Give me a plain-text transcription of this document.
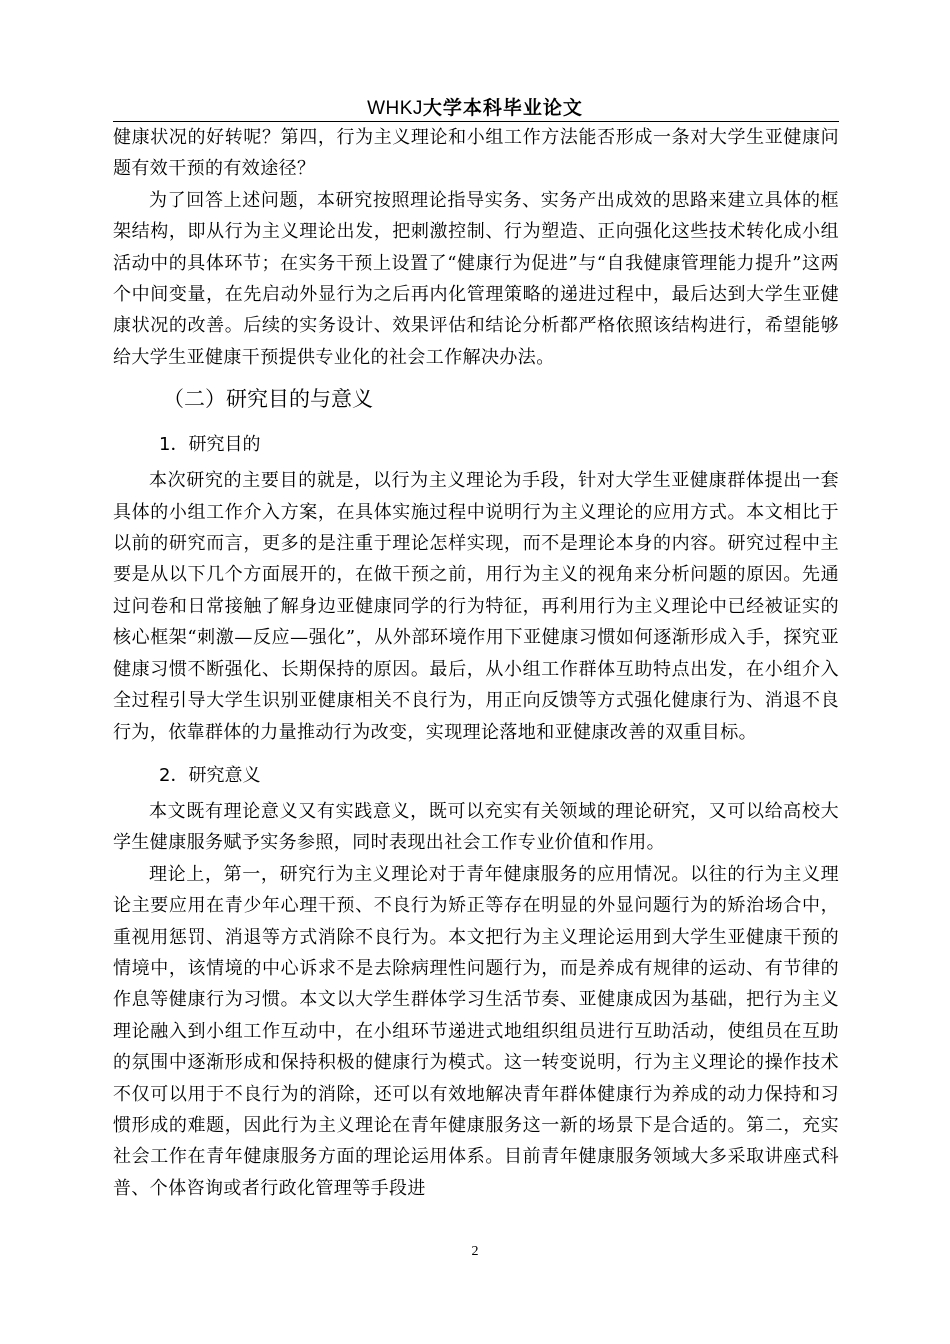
WHKJ大学本科毕业论文

健康状况的好转呢？第四，行为主义理论和小组工作方法能否形成一条对大学生亚健康问题有效干预的有效途径？

为了回答上述问题，本研究按照理论指导实务、实务产出成效的思路来建立具体的框架结构，即从行为主义理论出发，把刺激控制、行为塑造、正向强化这些技术转化成小组活动中的具体环节；在实务干预上设置了“健康行为促进”与“自我健康管理能力提升”这两个中间变量，在先启动外显行为之后再内化管理策略的递进过程中，最后达到大学生亚健康状况的改善。后续的实务设计、效果评估和结论分析都严格依照该结构进行，希望能够给大学生亚健康干预提供专业化的社会工作解决办法。

（二）研究目的与意义
1．研究目的

本次研究的主要目的就是，以行为主义理论为手段，针对大学生亚健康群体提出一套具体的小组工作介入方案，在具体实施过程中说明行为主义理论的应用方式。本文相比于以前的研究而言，更多的是注重于理论怎样实现，而不是理论本身的内容。研究过程中主要是从以下几个方面展开的，在做干预之前，用行为主义的视角来分析问题的原因。先通过问卷和日常接触了解身边亚健康同学的行为特征，再利用行为主义理论中已经被证实的核心框架“刺激—反应—强化”，从外部环境作用下亚健康习惯如何逐渐形成入手，探究亚健康习惯不断强化、长期保持的原因。最后，从小组工作群体互助特点出发，在小组介入全过程引导大学生识别亚健康相关不良行为，用正向反馈等方式强化健康行为、消退不良行为，依靠群体的力量推动行为改变，实现理论落地和亚健康改善的双重目标。

2．研究意义

本文既有理论意义又有实践意义，既可以充实有关领域的理论研究，又可以给高校大学生健康服务赋予实务参照，同时表现出社会工作专业价值和作用。

理论上，第一，研究行为主义理论对于青年健康服务的应用情况。以往的行为主义理论主要应用在青少年心理干预、不良行为矫正等存在明显的外显问题行为的矫治场合中，重视用惩罚、消退等方式消除不良行为。本文把行为主义理论运用到大学生亚健康干预的情境中，该情境的中心诉求不是去除病理性问题行为，而是养成有规律的运动、有节律的作息等健康行为习惯。本文以大学生群体学习生活节奏、亚健康成因为基础，把行为主义理论融入到小组工作互动中，在小组环节递进式地组织组员进行互助活动，使组员在互助的氛围中逐渐形成和保持积极的健康行为模式。这一转变说明，行为主义理论的操作技术不仅可以用于不良行为的消除，还可以有效地解决青年群体健康行为养成的动力保持和习惯形成的难题，因此行为主义理论在青年健康服务这一新的场景下是合适的。第二，充实社会工作在青年健康服务方面的理论运用体系。目前青年健康服务领域大多采取讲座式科普、个体咨询或者行政化管理等手段进

2
